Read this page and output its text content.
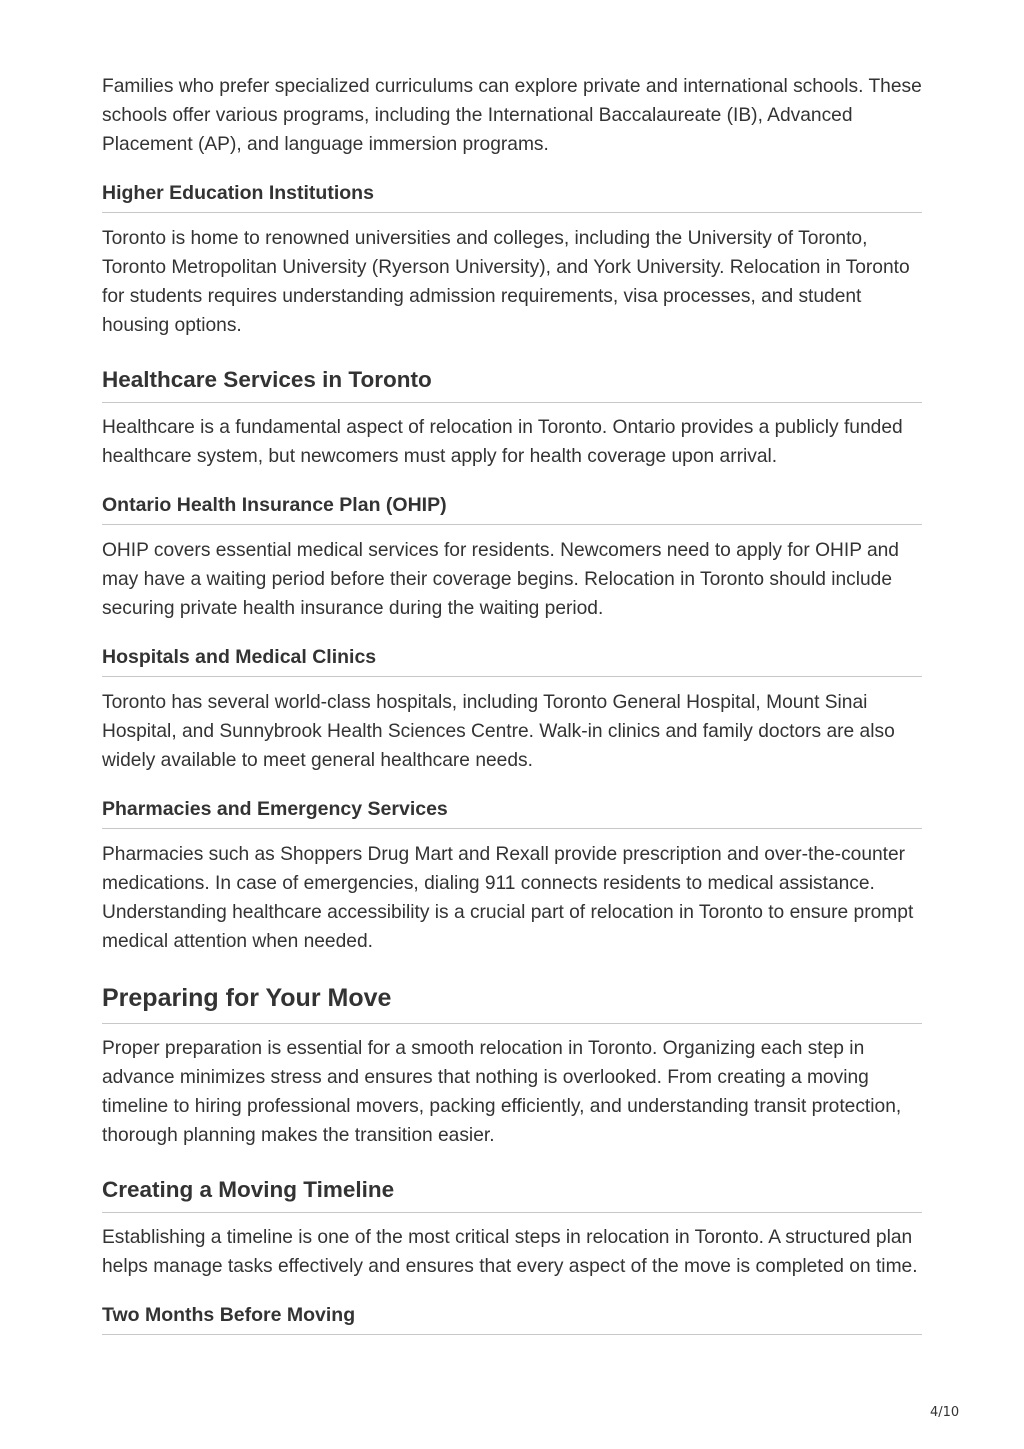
Families who prefer specialized curriculums can explore private and international schools. These schools offer various programs, including the International Baccalaureate (IB), Advanced Placement (AP), and language immersion programs.

Higher Education Institutions

Toronto is home to renowned universities and colleges, including the University of Toronto, Toronto Metropolitan University (Ryerson University), and York University. Relocation in Toronto for students requires understanding admission requirements, visa processes, and student housing options.

Healthcare Services in Toronto

Healthcare is a fundamental aspect of relocation in Toronto. Ontario provides a publicly funded healthcare system, but newcomers must apply for health coverage upon arrival.

Ontario Health Insurance Plan (OHIP)

OHIP covers essential medical services for residents. Newcomers need to apply for OHIP and may have a waiting period before their coverage begins. Relocation in Toronto should include securing private health insurance during the waiting period.

Hospitals and Medical Clinics

Toronto has several world-class hospitals, including Toronto General Hospital, Mount Sinai Hospital, and Sunnybrook Health Sciences Centre. Walk-in clinics and family doctors are also widely available to meet general healthcare needs.

Pharmacies and Emergency Services

Pharmacies such as Shoppers Drug Mart and Rexall provide prescription and over-the-counter medications. In case of emergencies, dialing 911 connects residents to medical assistance. Understanding healthcare accessibility is a crucial part of relocation in Toronto to ensure prompt medical attention when needed.

Preparing for Your Move

Proper preparation is essential for a smooth relocation in Toronto. Organizing each step in advance minimizes stress and ensures that nothing is overlooked. From creating a moving timeline to hiring professional movers, packing efficiently, and understanding transit protection, thorough planning makes the transition easier.

Creating a Moving Timeline

Establishing a timeline is one of the most critical steps in relocation in Toronto. A structured plan helps manage tasks effectively and ensures that every aspect of the move is completed on time.

Two Months Before Moving
4/10
